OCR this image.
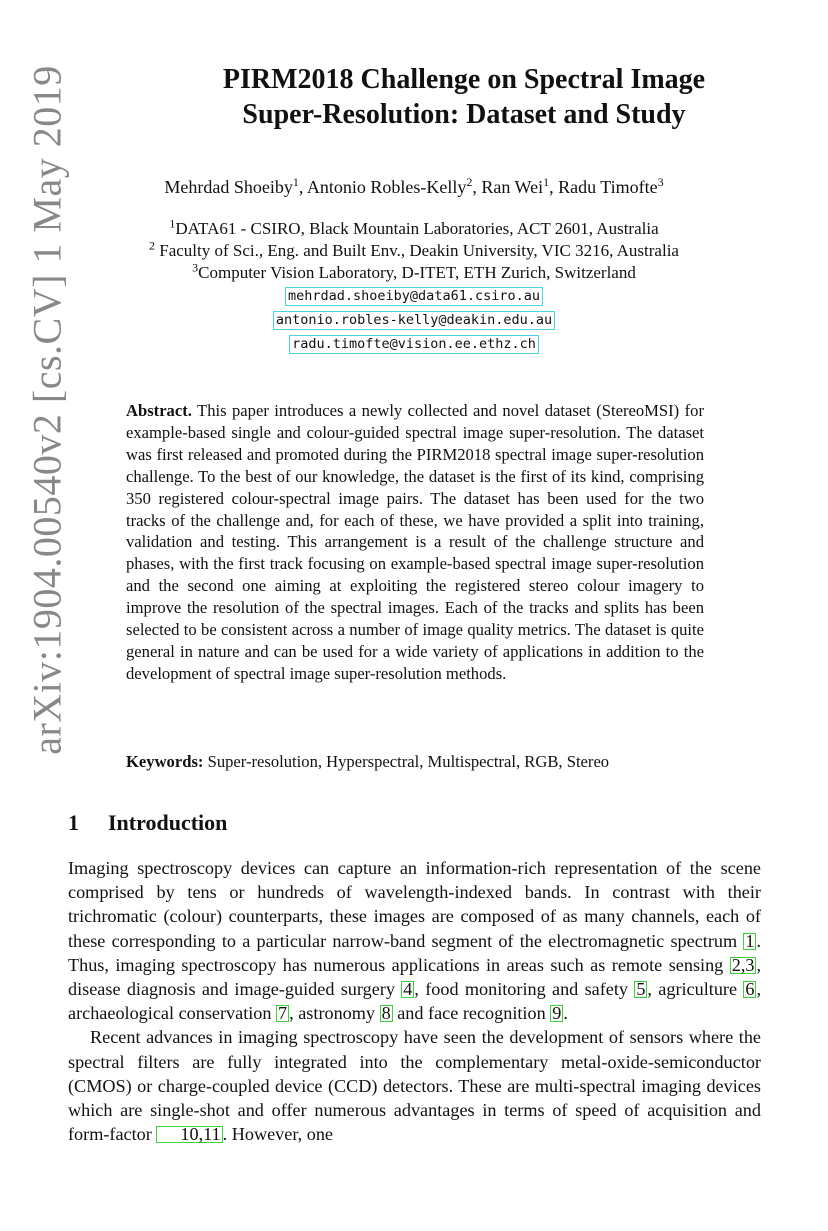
arXiv:1904.00540v2 [cs.CV] 1 May 2019	PIRM2018 Challenge on Spectral Image
Super-Resolution: Dataset and Study
Mehrdad Shoeiby$^1$, Antonio Robles-Kelly$^2$, Ran Wei$^1$, Radu Timofte$^3$
$^1$DATA61 - CSIRO, Black Mountain Laboratories, ACT 2601, Australia
$^2$ Faculty of Sci., Eng. and Built Env., Deakin University, VIC 3216, Australia
$^3$Computer Vision Laboratory, D-ITET, ETH Zurich, Switzerland
mehrdad.shoeiby@data61.csiro.au
antonio.robles-kelly@deakin.edu.au
radu.timofte@vision.ee.ethz.ch
Abstract. This paper introduces a newly collected and novel dataset (StereoMSI) for example-based single and colour-guided spectral image super-resolution. The dataset was first released and promoted during the PIRM2018 spectral image super-resolution challenge. To the best of our knowledge, the dataset is the first of its kind, comprising 350 registered colour-spectral image pairs. The dataset has been used for the two tracks of the challenge and, for each of these, we have provided a split into training, validation and testing. This arrangement is a result of the challenge structure and phases, with the first track focusing on example-based spectral image super-resolution and the second one aiming at exploiting the registered stereo colour imagery to improve the resolution of the spectral images. Each of the tracks and splits has been selected to be consistent across a number of image quality metrics. The dataset is quite general in nature and can be used for a wide variety of applications in addition to the development of spectral image super-resolution methods.
Keywords: Super-resolution, Hyperspectral, Multispectral, RGB, Stereo
1 Introduction

Imaging spectroscopy devices can capture an information-rich representation of the scene comprised by tens or hundreds of wavelength-indexed bands. In contrast with their trichromatic (colour) counterparts, these images are composed of as many channels, each of these corresponding to a particular narrow-band segment of the electromagnetic spectrum 1 . Thus, imaging spectroscopy has numerous applications in areas such as remote sensing 2,3 , disease diagnosis and image-guided surgery 4 , food monitoring and safety 5 , agriculture 6 , archaeological conservation 7 , astronomy 8 and face recognition 9 .

Recent advances in imaging spectroscopy have seen the development of sensors where the spectral filters are fully integrated into the complementary metal-oxide-semiconductor (CMOS) or charge-coupled device (CCD) detectors. These are multi-spectral imaging devices which are single-shot and offer numerous advantages in terms of speed of acquisition and form-factor 10,11 . However, one
